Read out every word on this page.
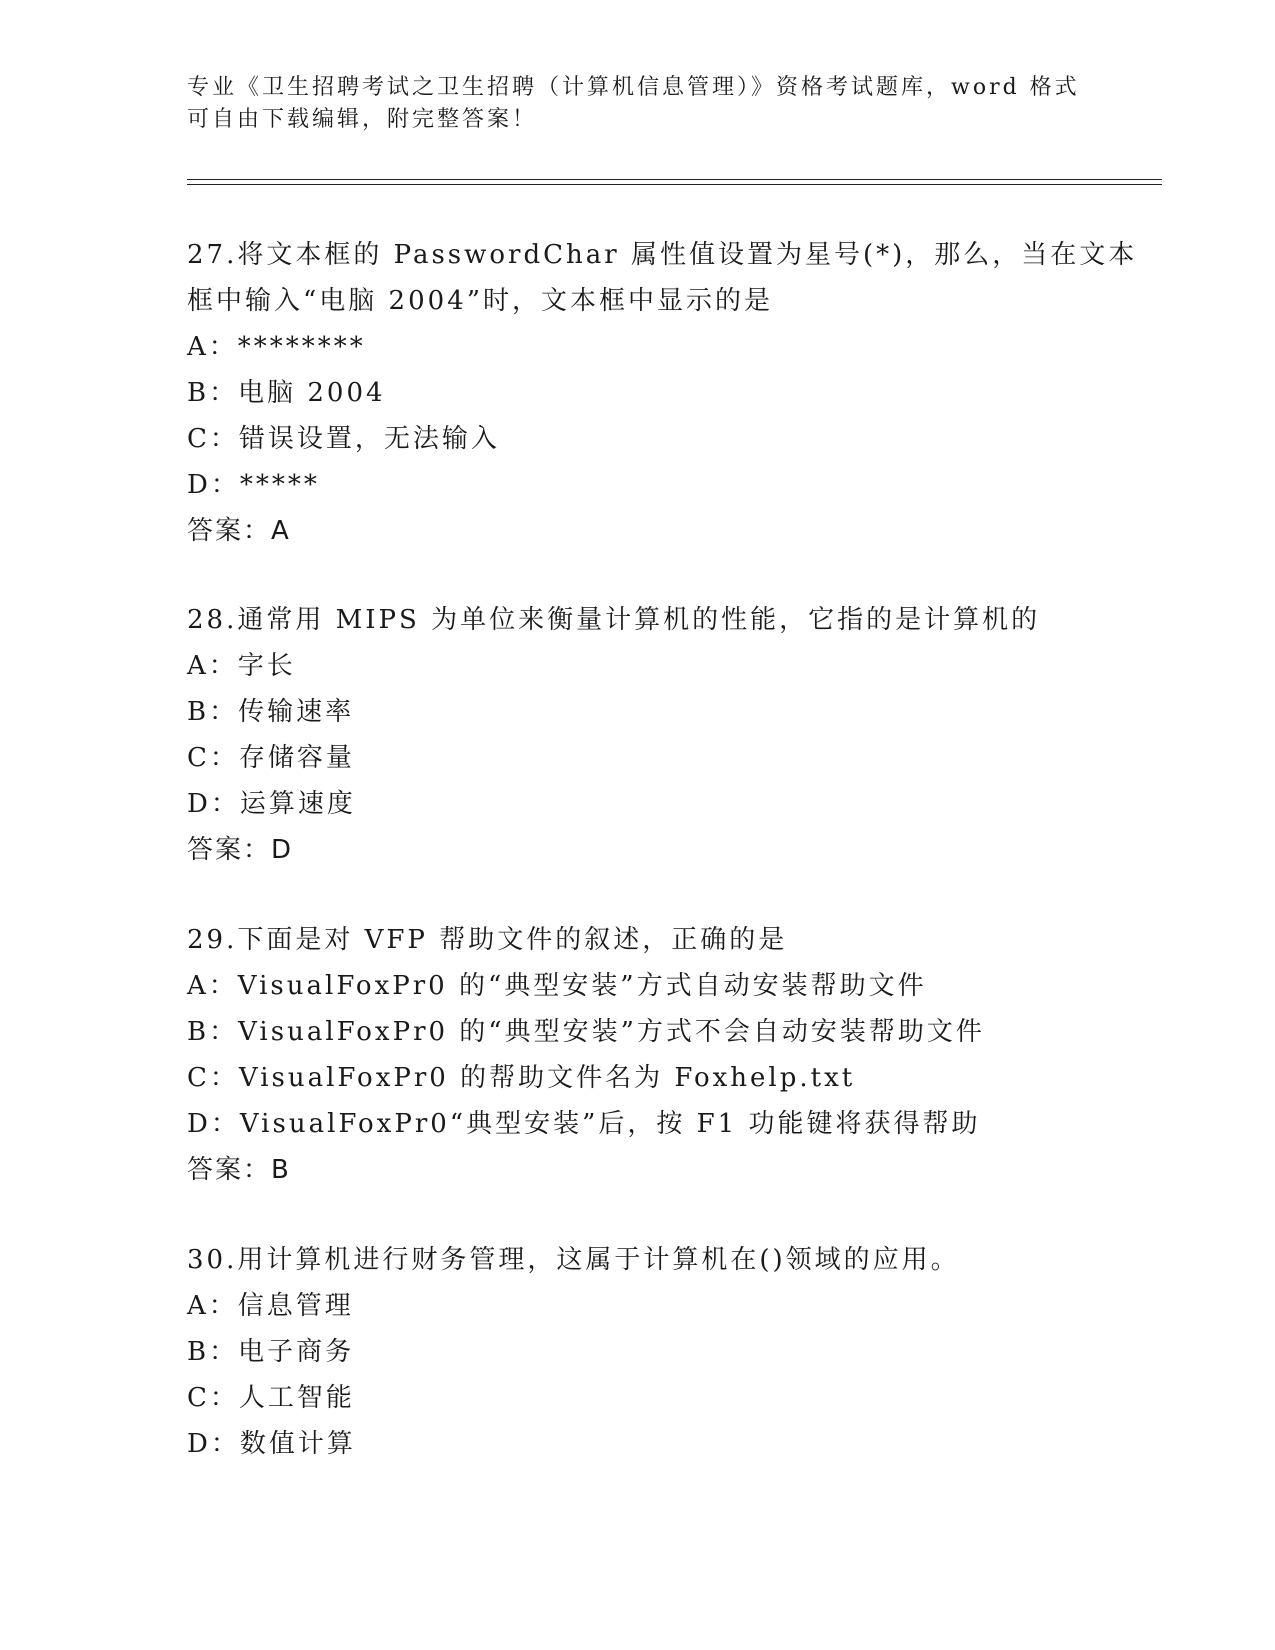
专业《卫生招聘考试之卫生招聘（计算机信息管理）》资格考试题库，word 格式
可自由下载编辑，附完整答案！
27.将文本框的 PasswordChar 属性值设置为星号(*)，那么，当在文本
框中输入“电脑 2004”时，文本框中显示的是
A：********
B：电脑 2004
C：错误设置，无法输入
D：*****
答案：A
28.通常用 MIPS 为单位来衡量计算机的性能，它指的是计算机的
A：字长
B：传输速率
C：存储容量
D：运算速度
答案：D
29.下面是对 VFP 帮助文件的叙述，正确的是
A：VisualFoxPr0 的“典型安装”方式自动安装帮助文件
B：VisualFoxPr0 的“典型安装”方式不会自动安装帮助文件
C：VisualFoxPr0 的帮助文件名为 Foxhelp.txt
D：VisualFoxPr0“典型安装”后，按 F1 功能键将获得帮助
答案：B
30.用计算机进行财务管理，这属于计算机在()领域的应用。
A：信息管理
B：电子商务
C：人工智能
D：数值计算
